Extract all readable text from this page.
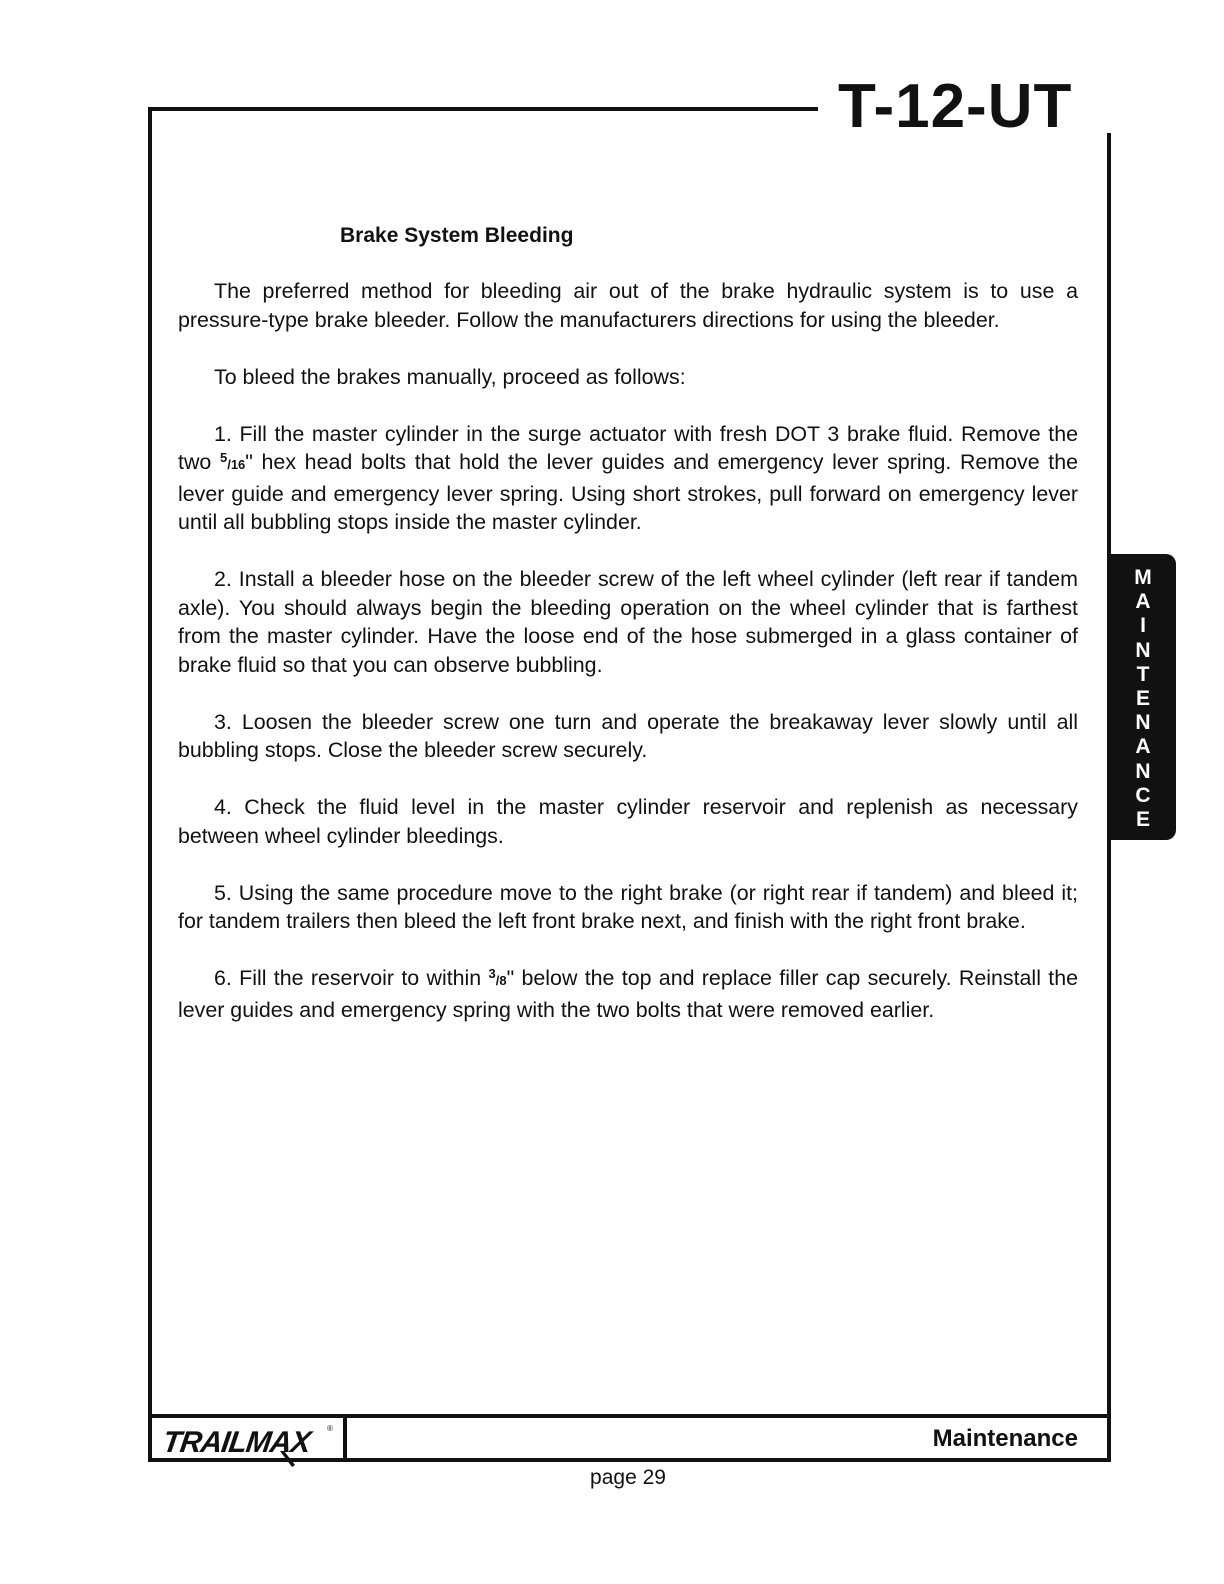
T-12-UT
Brake System Bleeding

The preferred method for bleeding air out of the brake hydraulic system is to use a pressure-type brake bleeder. Follow the manufacturers directions for using the bleeder.

To bleed the brakes manually, proceed as follows:

1. Fill the master cylinder in the surge actuator with fresh DOT 3 brake fluid. Remove the two $^5$/16" hex head bolts that hold the lever guides and emergency lever spring. Remove the lever guide and emergency lever spring. Using short strokes, pull forward on emergency lever until all bubbling stops inside the master cylinder.

2. Install a bleeder hose on the bleeder screw of the left wheel cylinder (left rear if tandem axle). You should always begin the bleeding operation on the wheel cylinder that is farthest from the master cylinder. Have the loose end of the hose submerged in a glass container of brake fluid so that you can observe bubbling.

3. Loosen the bleeder screw one turn and operate the breakaway lever slowly until all bubbling stops. Close the bleeder screw securely.

4. Check the fluid level in the master cylinder reservoir and replenish as necessary between wheel cylinder bleedings.

5. Using the same procedure move to the right brake (or right rear if tandem) and bleed it; for tandem trailers then bleed the left front brake next, and finish with the right front brake.

6. Fill the reservoir to within $^3$/8" below the top and replace filler cap securely. Reinstall the lever guides and emergency spring with the two bolts that were removed earlier.

M
A
I
N
T
E
N
A
N
C
E
TRAILMAX	®	Maintenance
page 29
